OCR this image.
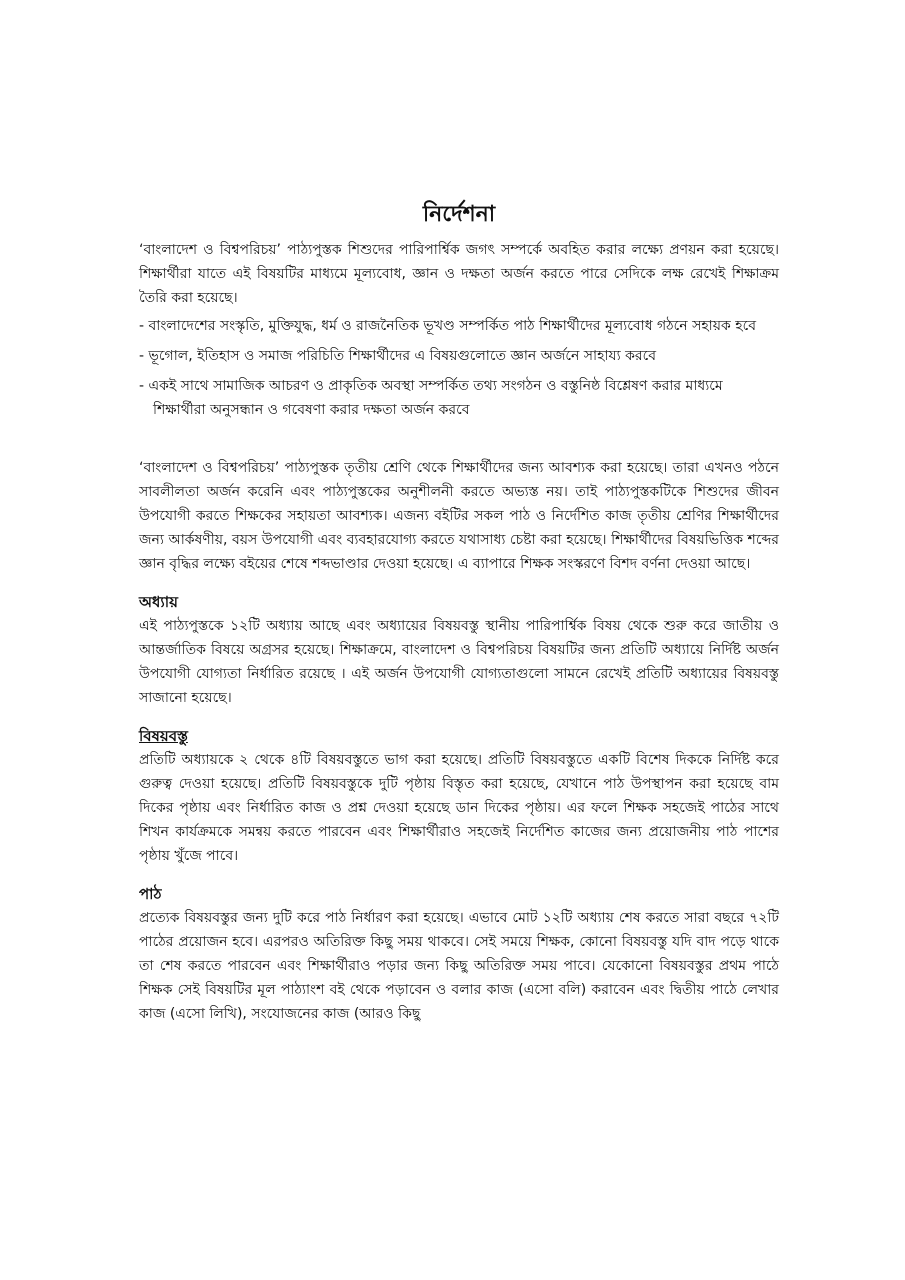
নির্দেশনা

‘বাংলাদেশ ও বিশ্বপরিচয়’ পাঠ্যপুস্তক শিশুদের পারিপার্শ্বিক জগৎ সম্পর্কে অবহিত করার লক্ষ্যে প্রণয়ন করা হয়েছে। শিক্ষার্থীরা যাতে এই বিষয়টির মাধ্যমে মূল্যবোধ, জ্ঞান ও দক্ষতা অর্জন করতে পারে সেদিকে লক্ষ রেখেই শিক্ষাক্রম তৈরি করা হয়েছে।

- বাংলাদেশের সংস্কৃতি, মুক্তিযুদ্ধ, ধর্ম ও রাজনৈতিক ভূখণ্ড সম্পর্কিত পাঠ শিক্ষার্থীদের মূল্যবোধ গঠনে সহায়ক হবে
- ভূগোল, ইতিহাস ও সমাজ পরিচিতি শিক্ষার্থীদের এ বিষয়গুলোতে জ্ঞান অর্জনে সাহায্য করবে
- একই সাথে সামাজিক আচরণ ও প্রাকৃতিক অবস্থা সম্পর্কিত তথ্য সংগঠন ও বস্তুনিষ্ঠ বিশ্লেষণ করার মাধ্যমে শিক্ষার্থীরা অনুসন্ধান ও গবেষণা করার দক্ষতা অর্জন করবে

‘বাংলাদেশ ও বিশ্বপরিচয়’ পাঠ্যপুস্তক তৃতীয় শ্রেণি থেকে শিক্ষার্থীদের জন্য আবশ্যক করা হয়েছে। তারা এখনও পঠনে সাবলীলতা অর্জন করেনি এবং পাঠ্যপুস্তকের অনুশীলনী করতে অভ্যস্ত নয়। তাই পাঠ্যপুস্তকটিকে শিশুদের জীবন উপযোগী করতে শিক্ষকের সহায়তা আবশ্যক। এজন্য বইটির সকল পাঠ ও নির্দেশিত কাজ তৃতীয় শ্রেণির শিক্ষার্থীদের জন্য আর্কষণীয়, বয়স উপযোগী এবং ব্যবহারযোগ্য করতে যথাসাধ্য চেষ্টা করা হয়েছে। শিক্ষার্থীদের বিষয়ভিত্তিক শব্দের জ্ঞান বৃদ্ধির লক্ষ্যে বইয়ের শেষে শব্দভাণ্ডার দেওয়া হয়েছে। এ ব্যাপারে শিক্ষক সংস্করণে বিশদ বর্ণনা দেওয়া আছে।

অধ্যায়

এই পাঠ্যপুস্তকে ১২টি অধ্যায় আছে এবং অধ্যায়ের বিষয়বস্তু স্থানীয় পারিপার্শ্বিক বিষয় থেকে শুরু করে জাতীয় ও আন্তর্জাতিক বিষয়ে অগ্রসর হয়েছে। শিক্ষাক্রমে, বাংলাদেশ ও বিশ্বপরিচয় বিষয়টির জন্য প্রতিটি অধ্যায়ে নির্দিষ্ট অর্জন উপযোগী যোগ্যতা নির্ধারিত রয়েছে । এই অর্জন উপযোগী যোগ্যতাগুলো সামনে রেখেই প্রতিটি অধ্যায়ের বিষয়বস্তু সাজানো হয়েছে।

বিষয়বস্তু

প্রতিটি অধ্যায়কে ২ থেকে ৪টি বিষয়বস্তুতে ভাগ করা হয়েছে। প্রতিটি বিষয়বস্তুতে একটি বিশেষ দিককে নির্দিষ্ট করে গুরুত্ব দেওয়া হয়েছে। প্রতিটি বিষয়বস্তুকে দুটি পৃষ্ঠায় বিস্তৃত করা হয়েছে, যেখানে পাঠ উপস্থাপন করা হয়েছে বাম দিকের পৃষ্ঠায় এবং নির্ধারিত কাজ ও প্রশ্ন দেওয়া হয়েছে ডান দিকের পৃষ্ঠায়। এর ফলে শিক্ষক সহজেই পাঠের সাথে শিখন কার্যক্রমকে সমন্বয় করতে পারবেন এবং শিক্ষার্থীরাও সহজেই নির্দেশিত কাজের জন্য প্রয়োজনীয় পাঠ পাশের পৃষ্ঠায় খুঁজে পাবে।

পাঠ

প্রত্যেক বিষয়বস্তুর জন্য দুটি করে পাঠ নির্ধারণ করা হয়েছে। এভাবে মোট ১২টি অধ্যায় শেষ করতে সারা বছরে ৭২টি পাঠের প্রয়োজন হবে। এরপরও অতিরিক্ত কিছু সময় থাকবে। সেই সময়ে শিক্ষক, কোনো বিষয়বস্তু যদি বাদ পড়ে থাকে তা শেষ করতে পারবেন এবং শিক্ষার্থীরাও পড়ার জন্য কিছু অতিরিক্ত সময় পাবে। যেকোনো বিষয়বস্তুর প্রথম পাঠে শিক্ষক সেই বিষয়টির মূল পাঠ্যাংশ বই থেকে পড়াবেন ও বলার কাজ (এসো বলি) করাবেন এবং দ্বিতীয় পাঠে লেখার কাজ (এসো লিখি), সংযোজনের কাজ (আরও কিছু
